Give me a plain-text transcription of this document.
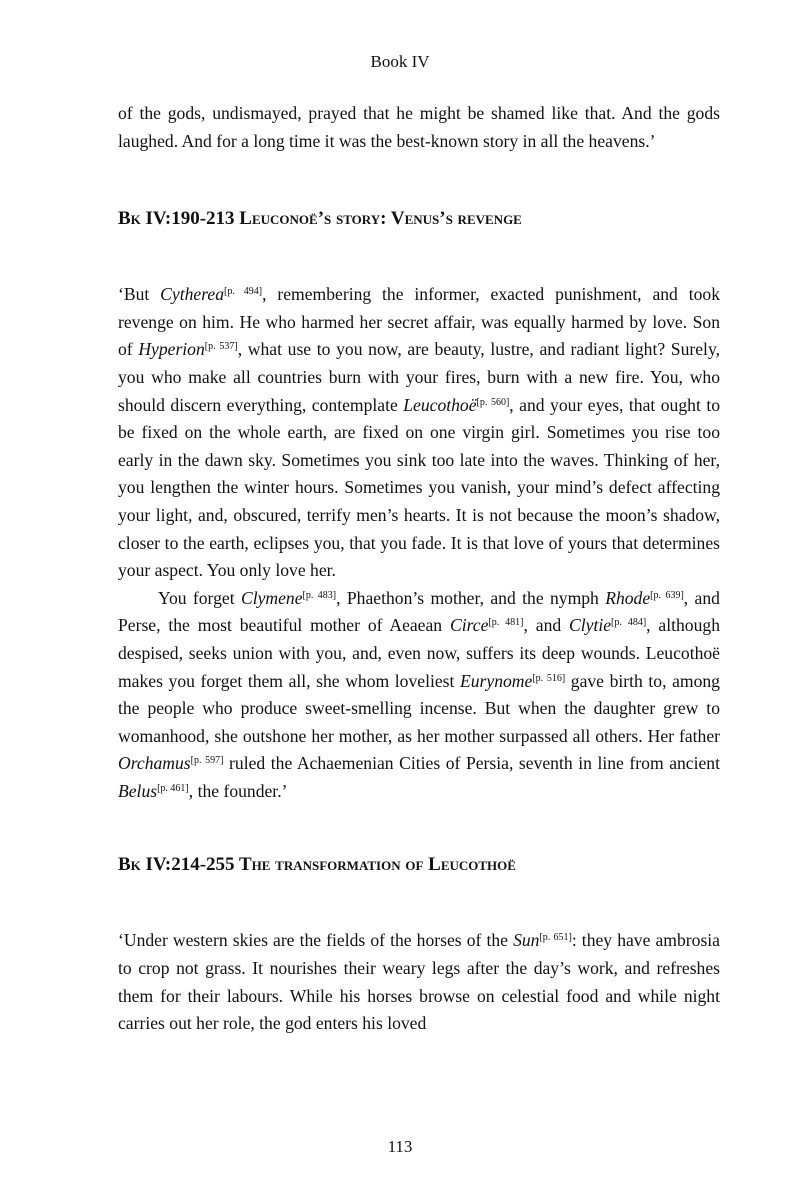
Book IV

of the gods, undismayed, prayed that he might be shamed like that. And the gods laughed. And for a long time it was the best-known story in all the heavens.’

Bk IV:190-213 Leuconoë’s story: Venus’s revenge

‘But Cytherea[p. 494], remembering the informer, exacted punishment, and took revenge on him. He who harmed her secret affair, was equally harmed by love. Son of Hyperion[p. 537], what use to you now, are beauty, lustre, and radiant light? Surely, you who make all countries burn with your fires, burn with a new fire. You, who should discern everything, contemplate Leucothoë[p. 560], and your eyes, that ought to be fixed on the whole earth, are fixed on one virgin girl. Sometimes you rise too early in the dawn sky. Sometimes you sink too late into the waves. Thinking of her, you lengthen the winter hours. Sometimes you vanish, your mind’s defect affecting your light, and, obscured, terrify men’s hearts. It is not because the moon’s shadow, closer to the earth, eclipses you, that you fade. It is that love of yours that determines your aspect. You only love her.

You forget Clymene[p. 483], Phaethon’s mother, and the nymph Rhode[p. 639], and Perse, the most beautiful mother of Aeaean Circe[p. 481], and Clytie[p. 484], although despised, seeks union with you, and, even now, suffers its deep wounds. Leucothoë makes you forget them all, she whom loveliest Eurynome[p. 516] gave birth to, among the people who produce sweet-smelling incense. But when the daughter grew to womanhood, she outshone her mother, as her mother surpassed all others. Her father Orchamus[p. 597] ruled the Achaemenian Cities of Persia, seventh in line from ancient Belus[p. 461], the founder.’

Bk IV:214-255 The transformation of Leucothoë

‘Under western skies are the fields of the horses of the Sun[p. 651]: they have ambrosia to crop not grass. It nourishes their weary legs after the day’s work, and refreshes them for their labours. While his horses browse on celestial food and while night carries out her role, the god enters his loved

113
